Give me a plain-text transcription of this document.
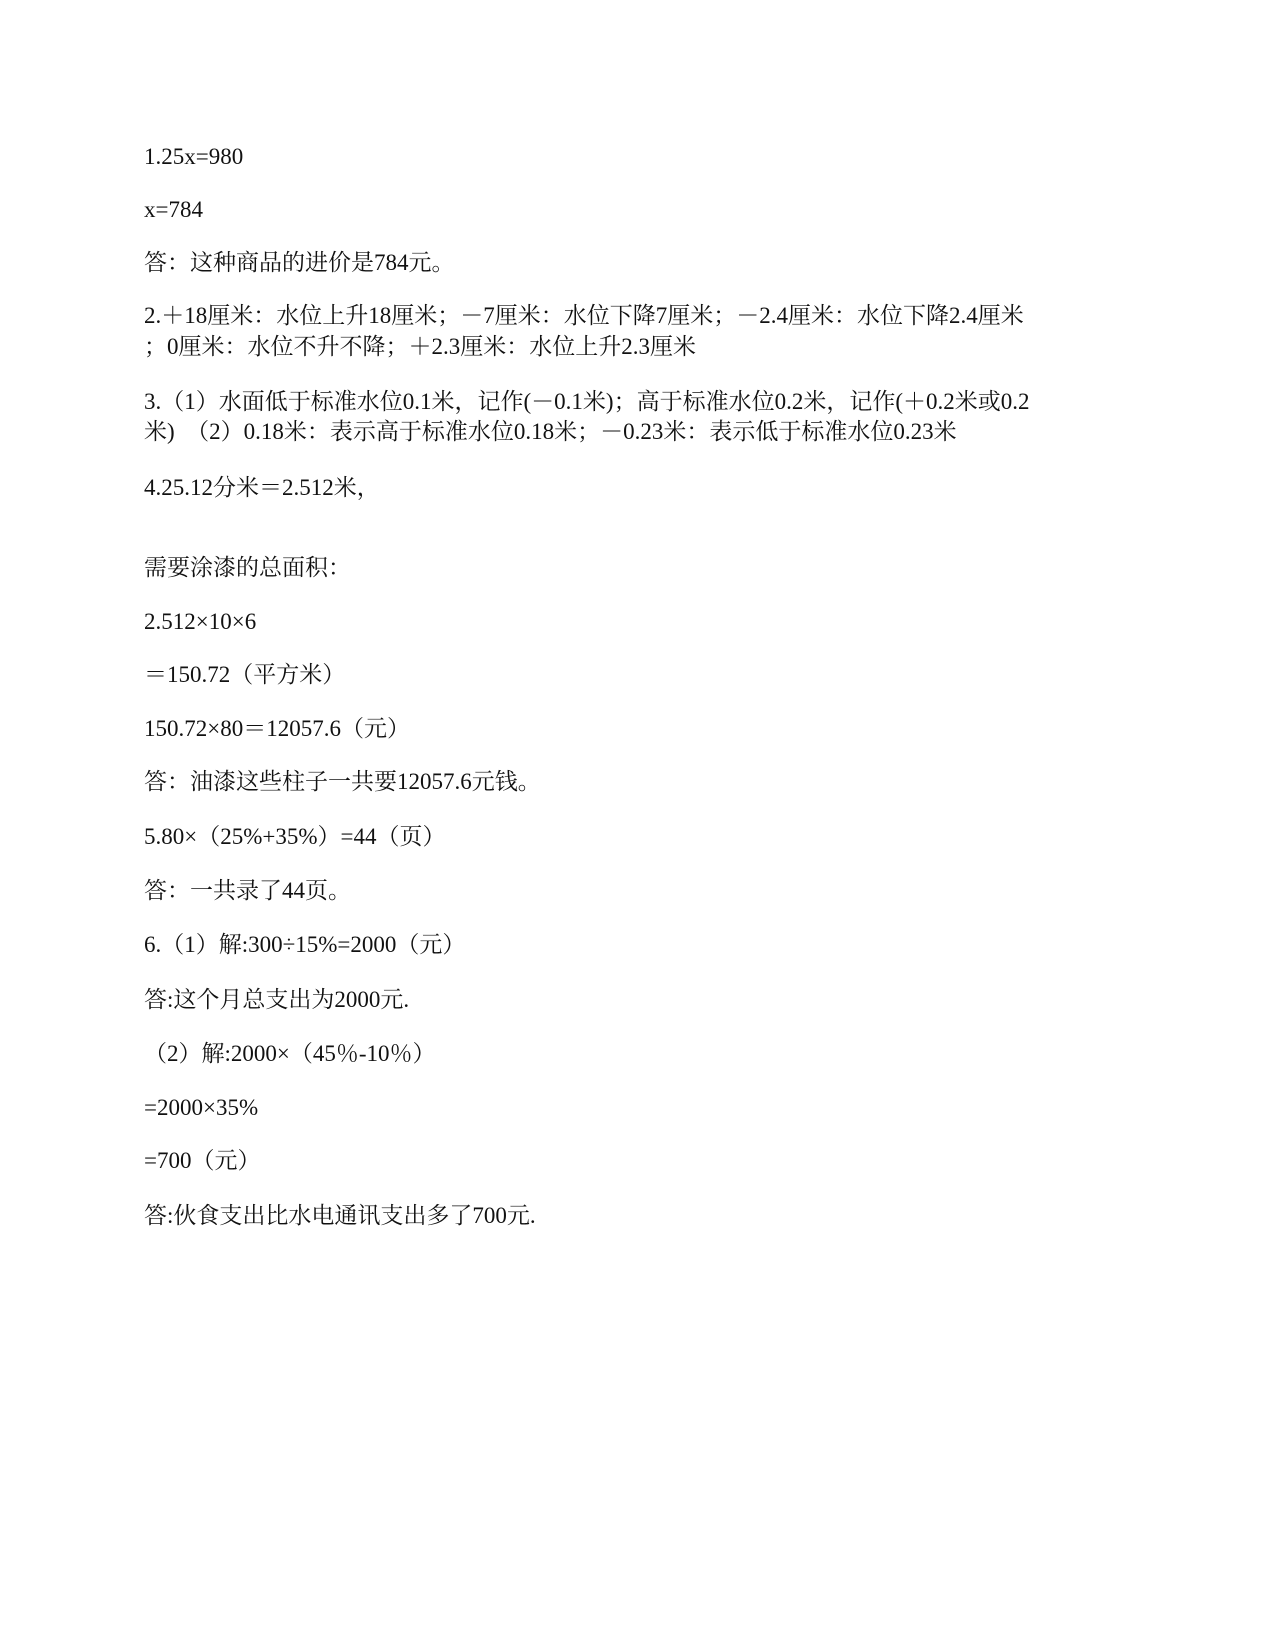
1.25x=980
x=784
答：这种商品的进价是784元。
2.＋18厘米：水位上升18厘米；－7厘米：水位下降7厘米；－2.4厘米：水位下降2.4厘米
；0厘米：水位不升不降；＋2.3厘米：水位上升2.3厘米
3.（1）水面低于标准水位0.1米，记作(－0.1米)；高于标准水位0.2米，记作(＋0.2米或0.2
米)　（2）0.18米：表示高于标准水位0.18米；－0.23米：表示低于标准水位0.23米
4.25.12分米＝2.512米，
需要涂漆的总面积：
2.512×10×6
＝150.72（平方米）
150.72×80＝12057.6（元）
答：油漆这些柱子一共要12057.6元钱。
5.80×（25%+35%）=44（页）
答：一共录了44页。
6.（1）解:300÷15%=2000（元）
答:这个月总支出为2000元.
（2）解:2000×（45％-10％）
=2000×35%
=700（元）
答:伙食支出比水电通讯支出多了700元.
